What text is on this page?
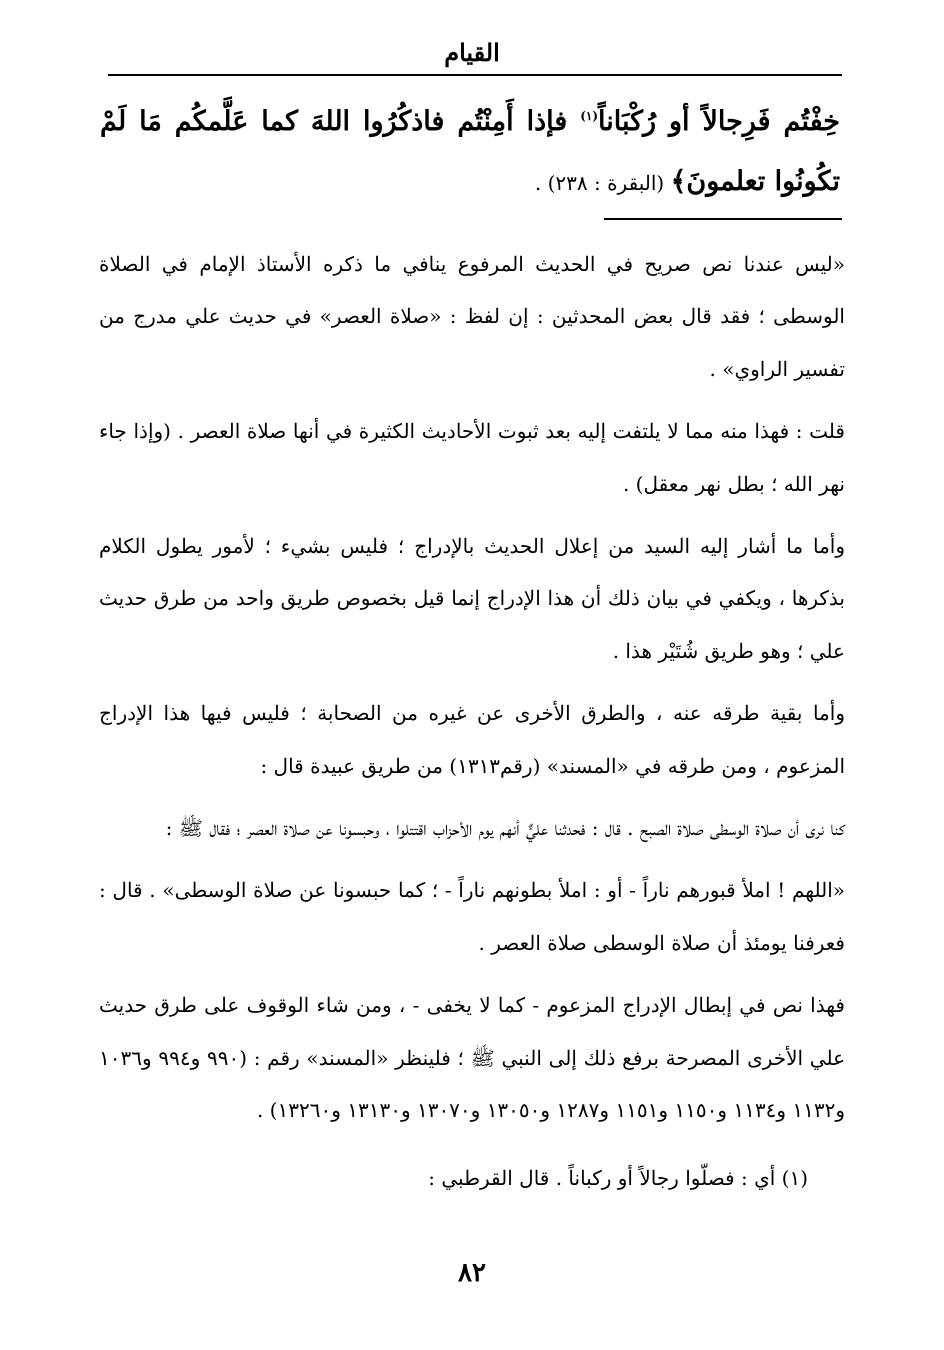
القيام

خِفْتُم فَرِجالاً أو رُكْبَاناً$^{(١)}$ فإذا أَمِنْتُم فاذكُرُوا اللهَ كما عَلَّمكُم مَا لَمْ تكُونُوا تعلمونَ﴾ (البقرة : ٢٣٨) .

«ليس عندنا نص صريح في الحديث المرفوع ينافي ما ذكره الأستاذ الإمام في الصلاة الوسطى ؛ فقد قال بعض المحدثين : إن لفظ : «صلاة العصر» في حديث علي مدرج من تفسير الراوي» .

قلت : فهذا منه مما لا يلتفت إليه بعد ثبوت الأحاديث الكثيرة في أنها صلاة العصر . (وإذا جاء نهر الله ؛ بطل نهر معقل) .

وأما ما أشار إليه السيد من إعلال الحديث بالإدراج ؛ فليس بشيء ؛ لأمور يطول الكلام بذكرها ، ويكفي في بيان ذلك أن هذا الإدراج إنما قيل بخصوص طريق واحد من طرق حديث علي ؛ وهو طريق شُتَيْر هذا .

وأما بقية طرقه عنه ، والطرق الأخرى عن غيره من الصحابة ؛ فليس فيها هذا الإدراج المزعوم ، ومن طرقه في «المسند» (رقم١٣١٣) من طريق عبيدة قال :

كنا نرى أن صلاة الوسطى صلاة الصبح . قال : فحدثنا عليٌّ أنهم يوم الأحزاب اقتتلوا ، وحبسونا عن صلاة العصر ؛ فقال ﷺ :

«اللهم ! املأ قبورهم ناراً - أو : املأ بطونهم ناراً - ؛ كما حبسونا عن صلاة الوسطى» . قال : فعرفنا يومئذ أن صلاة الوسطى صلاة العصر .

فهذا نص في إبطال الإدراج المزعوم - كما لا يخفى - ، ومن شاء الوقوف على طرق حديث علي الأخرى المصرحة برفع ذلك إلى النبي ﷺ ؛ فلينظر «المسند» رقم : (٩٩٠ و٩٩٤ و١٠٣٦ و١١٣٢ و١١٣٤ و١١٥٠ و١١٥١ و١٢٨٧ و١٣٠٥٠ و١٣٠٧٠ و١٣١٣٠ و١٣٢٦٠) .

(١) أي : فصلّوا رجالاً أو ركباناً . قال القرطبي :

٨٢
